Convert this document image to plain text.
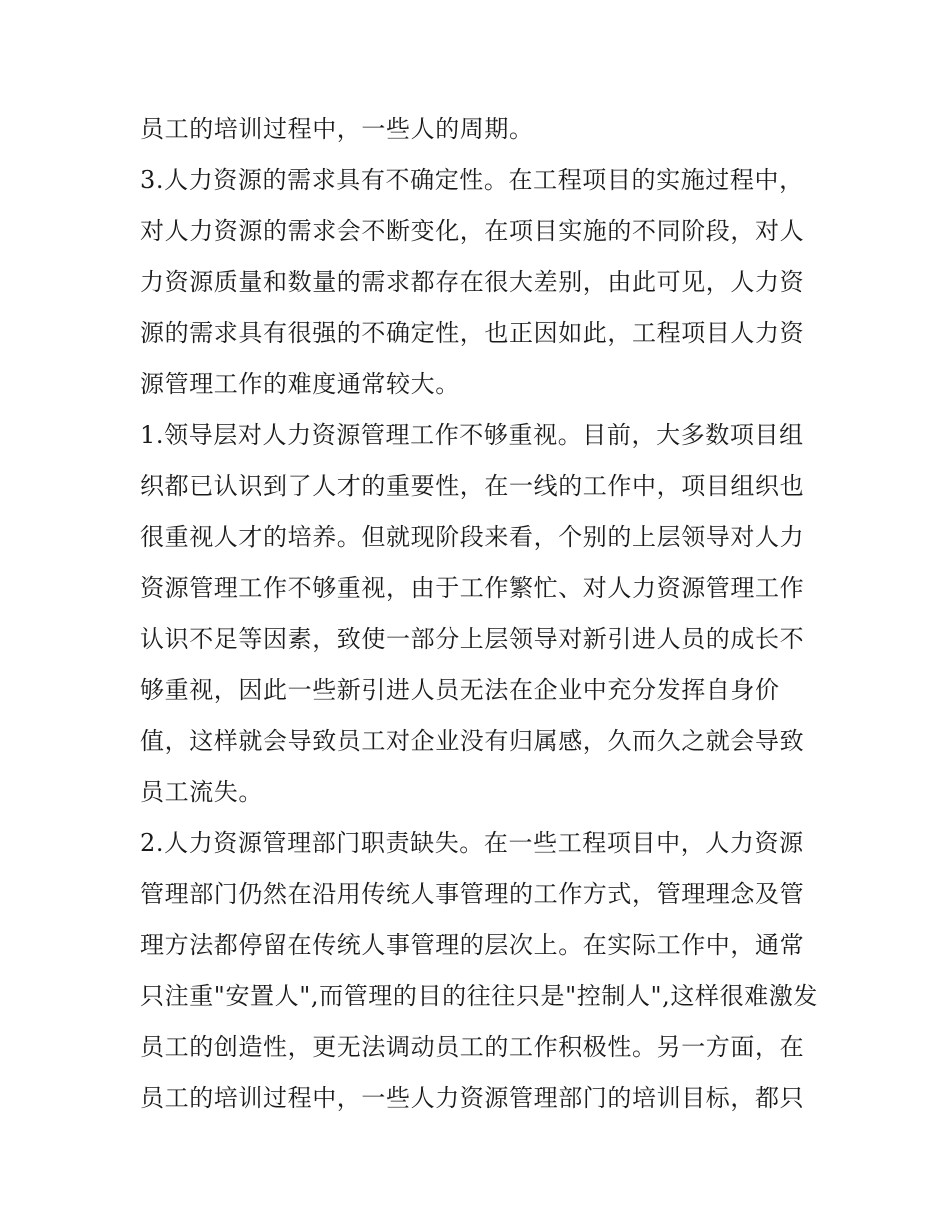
员工的培训过程中，一些人的周期。
3.人力资源的需求具有不确定性。在工程项目的实施过程中，
对人力资源的需求会不断变化，在项目实施的不同阶段，对人
力资源质量和数量的需求都存在很大差别，由此可见，人力资
源的需求具有很强的不确定性，也正因如此，工程项目人力资
源管理工作的难度通常较大。
1.领导层对人力资源管理工作不够重视。目前，大多数项目组
织都已认识到了人才的重要性，在一线的工作中，项目组织也
很重视人才的培养。但就现阶段来看，个别的上层领导对人力
资源管理工作不够重视，由于工作繁忙、对人力资源管理工作
认识不足等因素，致使一部分上层领导对新引进人员的成长不
够重视，因此一些新引进人员无法在企业中充分发挥自身价
值，这样就会导致员工对企业没有归属感，久而久之就会导致
员工流失。
2.人力资源管理部门职责缺失。在一些工程项目中，人力资源
管理部门仍然在沿用传统人事管理的工作方式，管理理念及管
理方法都停留在传统人事管理的层次上。在实际工作中，通常
只注重"安置人",而管理的目的往往只是"控制人",这样很难激发
员工的创造性，更无法调动员工的工作积极性。另一方面，在
员工的培训过程中，一些人力资源管理部门的培训目标，都只
